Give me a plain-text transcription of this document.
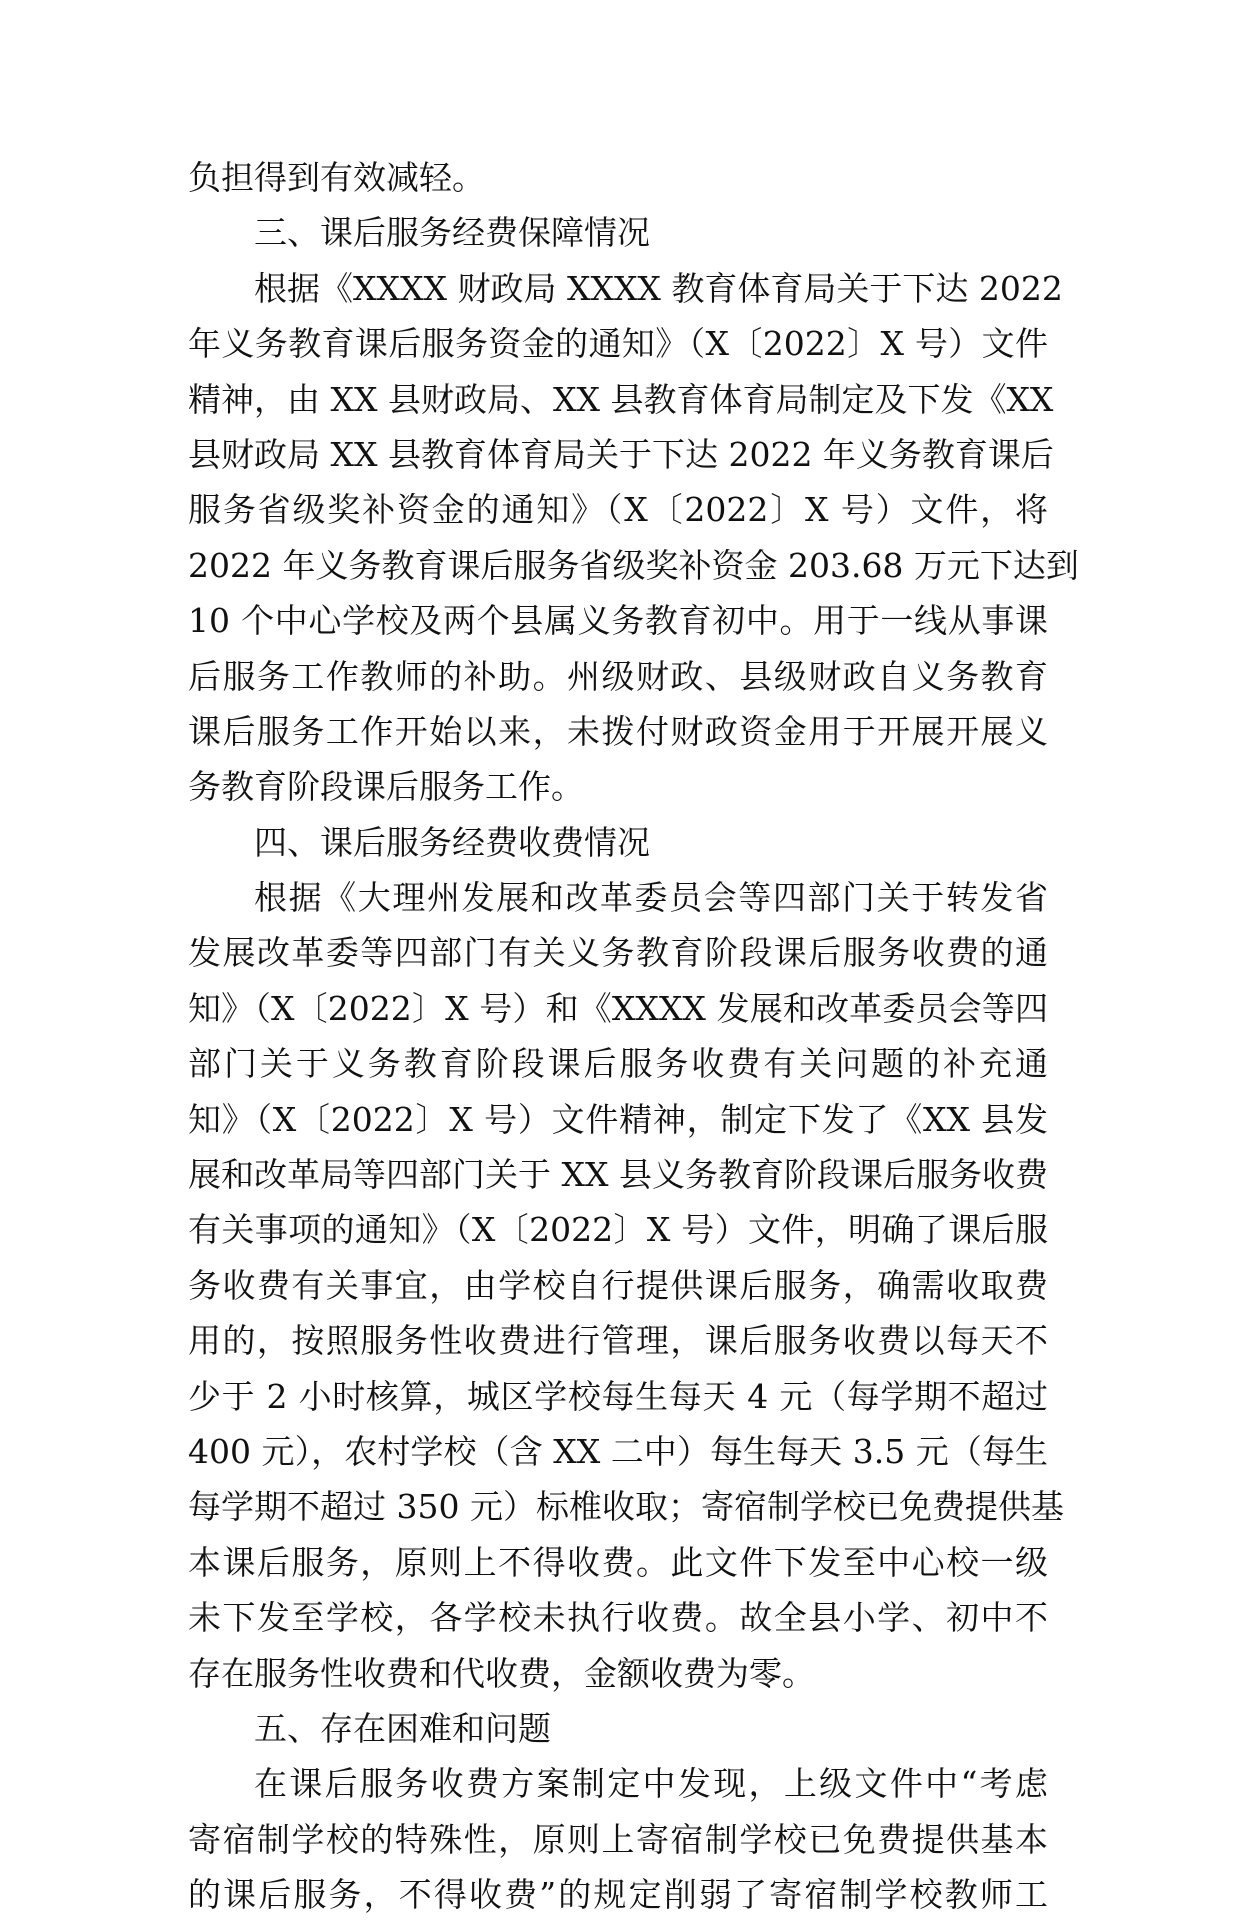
负担得到有效减轻。
三、课后服务经费保障情况
根据《XXXX 财政局 XXXX 教育体育局关于下达 2022
年义务教育课后服务资金的通知》（X〔2022〕X 号）文件
精神，由 XX 县财政局、XX 县教育体育局制定及下发《XX
县财政局 XX 县教育体育局关于下达 2022 年义务教育课后
服务省级奖补资金的通知》（X〔2022〕X 号）文件，将
2022 年义务教育课后服务省级奖补资金 203.68 万元下达到
10 个中心学校及两个县属义务教育初中。用于一线从事课
后服务工作教师的补助。州级财政、县级财政自义务教育
课后服务工作开始以来，未拨付财政资金用于开展开展义
务教育阶段课后服务工作。
四、课后服务经费收费情况
根据《大理州发展和改革委员会等四部门关于转发省
发展改革委等四部门有关义务教育阶段课后服务收费的通
知》（X〔2022〕X 号）和《XXXX 发展和改革委员会等四
部门关于义务教育阶段课后服务收费有关问题的补充通
知》（X〔2022〕X 号）文件精神，制定下发了《XX 县发
展和改革局等四部门关于 XX 县义务教育阶段课后服务收费
有关事项的通知》（X〔2022〕X 号）文件，明确了课后服
务收费有关事宜，由学校自行提供课后服务，确需收取费
用的，按照服务性收费进行管理，课后服务收费以每天不
少于 2 小时核算，城区学校每生每天 4 元（每学期不超过
400 元），农村学校（含 XX 二中）每生每天 3.5 元（每生
每学期不超过 350 元）标椎收取；寄宿制学校已免费提供基
本课后服务，原则上不得收费。此文件下发至中心校一级
未下发至学校，各学校未执行收费。故全县小学、初中不
存在服务性收费和代收费，金额收费为零。
五、存在困难和问题
在课后服务收费方案制定中发现，上级文件中“考虑
寄宿制学校的特殊性，原则上寄宿制学校已免费提供基本
的课后服务，不得收费”的规定削弱了寄宿制学校教师工
